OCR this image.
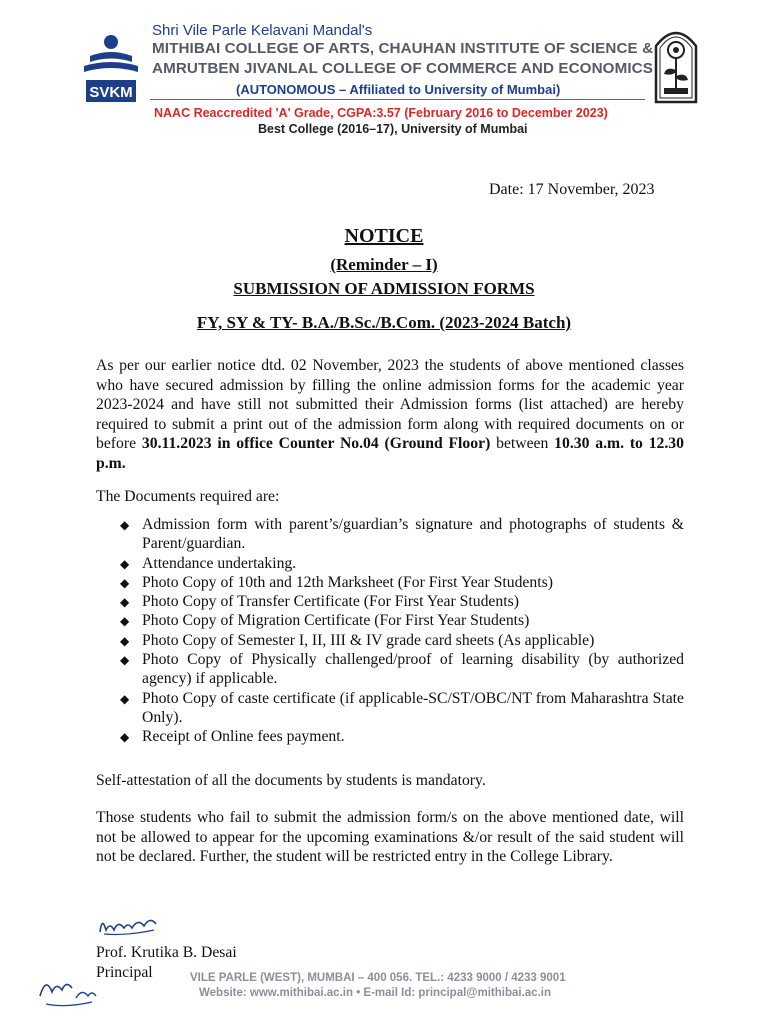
SVKM
Shri Vile Parle Kelavani Mandal's
MITHIBAI COLLEGE OF ARTS, CHAUHAN INSTITUTE OF SCIENCE &
AMRUTBEN JIVANLAL COLLEGE OF COMMERCE AND ECONOMICS
(AUTONOMOUS – Affiliated to University of Mumbai)
NAAC Reaccredited 'A' Grade, CGPA:3.57 (February 2016 to December 2023)
Best College (2016–17), University of Mumbai
Date: 17 November, 2023
NOTICE
(Reminder – I)
SUBMISSION OF ADMISSION FORMS
FY, SY & TY- B.A./B.Sc./B.Com. (2023-2024 Batch)
As per our earlier notice dtd. 02 November, 2023 the students of above mentioned classes who have secured admission by filling the online admission forms for the academic year 2023-2024 and have still not submitted their Admission forms (list attached) are hereby required to submit a print out of the admission form along with required documents on or before 30.11.2023 in office Counter No.04 (Ground Floor) between 10.30 a.m. to 12.30 p.m.
The Documents required are:
◆ Admission form with parent’s/guardian’s signature and photographs of students & Parent/guardian.
◆ Attendance undertaking.
◆ Photo Copy of 10th and 12th Marksheet (For First Year Students)
◆ Photo Copy of Transfer Certificate (For First Year Students)
◆ Photo Copy of Migration Certificate (For First Year Students)
◆ Photo Copy of Semester I, II, III & IV grade card sheets (As applicable)
◆ Photo Copy of Physically challenged/proof of learning disability (by authorized agency) if applicable.
◆ Photo Copy of caste certificate (if applicable-SC/ST/OBC/NT from Maharashtra State Only).
◆ Receipt of Online fees payment.
Self-attestation of all the documents by students is mandatory.
Those students who fail to submit the admission form/s on the above mentioned date, will not be allowed to appear for the upcoming examinations &/or result of the said student will not be declared. Further, the student will be restricted entry in the College Library.
Prof. Krutika B. Desai
Principal	VILE PARLE (WEST), MUMBAI – 400 056. TEL.: 4233 9000 / 4233 9001
Website: www.mithibai.ac.in • E-mail Id: principal@mithibai.ac.in
